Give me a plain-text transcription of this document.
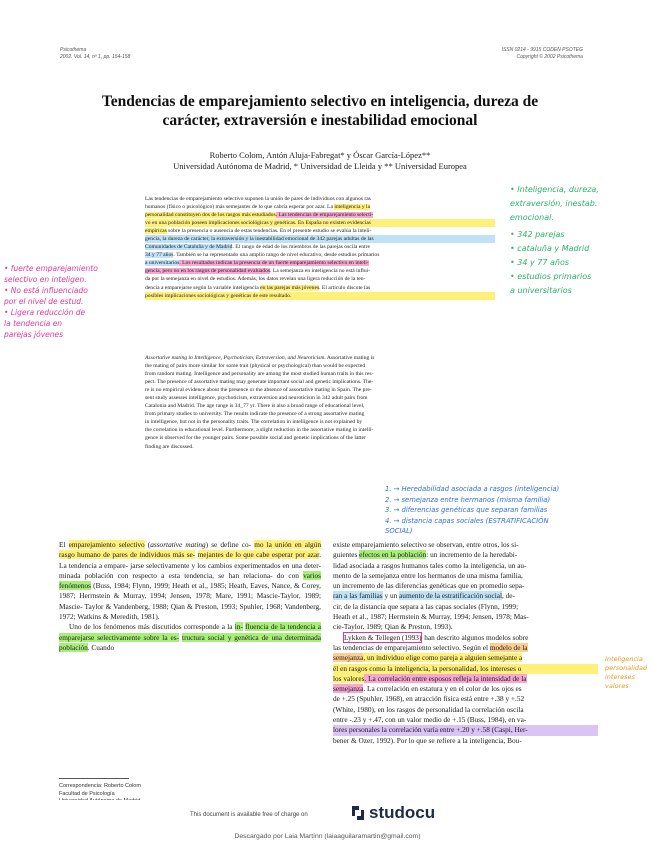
Psicothema
2002. Vol. 14, nº 1, pp. 154-158
ISSN 0214 - 9915 CODEN PSOTEG
Copyright © 2002 Psicothema
Tendencias de emparejamiento selectivo en inteligencia, dureza de
carácter, extraversión e inestabilidad emocional
Roberto Colom, Antón Aluja-Fabregat* y Óscar García-López**
Universidad Autónoma de Madrid, * Universidad de Lleida y ** Universidad Europea
Las tendencias de emparejamiento selectivo suponen la unión de pares de individuos con algunos ras
humanos (físico o psicológico) más semejantes de lo que cabría esperar por azar. La inteligencia y la
personalidad constituyen dos de los rasgos más estudiados. Las tendencias de emparejamiento selecti-
vo en una población poseen implicaciones sociológicas y genéticas. En España no existen evidencias
empíricas sobre la presencia o ausencia de estas tendencias. En el presente estudio se evalúa la inteli-
gencia, la dureza de carácter, la extraversión y la inestabilidad emocional de 342 parejas adultas de las
Comunidades de Cataluña y de Madrid. El rango de edad de los miembros de las parejas oscila entre
34 y 77 años. También se ha representado una amplio rango de nivel educativo, desde estudios primarios
a universitarios. Los resultados indican la presencia de un fuerte emparejamiento selectivo en inteli-
gencia, pero no en los rasgos de personalidad evaluados. La semejanza en inteligencia no está influi-
da por la semejanza en nivel de estudios. Además, los datos revelan una ligera reducción de la ten-
dencia a emparejarse según la variable inteligencia en las parejas más jóvenes. El artículo discute las
posibles implicaciones sociológicas y genéticas de este resultado.
Assortative mating in Intelligence, Psychoticism, Extraversion, and Neuroticism. Assortative mating is
the mating of pairs more similar for some trait (physical or psychological) than would be expected
from random mating. Intelligence and personality are among the most studied human traits in this res-
pect. The presence of assortative mating may generate important social and genetic implications. The-
re is no empirical evidence about the presence or the absence of assortative mating in Spain. The pre-
sent study assesses intelligence, psychoticism, extraversion and neuroticism in 342 adult pairs from
Catalonia and Madrid. The age range is 34_77 yr. There is also a broad range of educational level,
from primary studies to university. The results indicate the presence of a strong assortative mating
in intelligence, but not in the personality traits. The correlation in intelligence is not explained by
the correlation in educational level. Furthermore, a slight reduction in the assortative mating in intelli-
gence is observed for the younger pairs. Some possible social and genetic implications of the latter
finding are discussed.
• fuerte emparejamiento
selectivo en inteligen.
• No está influenciado
por el nivel de estud.
• Ligera reducción de
la tendencia en
parejas jóvenes
• Inteligencia, dureza,
extraversión, inestab.
emocional.
• 342 parejas
• cataluña y Madrid
• 34 y 77 años
• estudios primarios
a universitarios
1. → Heredabilidad asociada a rasgos (inteligencia)
2. → semejanza entre hermanos (misma familia)
3. → diferencias genéticas que separan familias
4. → distancia capas sociales (ESTRATIFICACIÓN
SOCIAL)
Inteligencia
personalidad
intereses
valores

El emparejamiento selectivo (assortative mating) se define co- mo la unión en algún rasgo humano de pares de individuos más se- mejantes de lo que cabe esperar por azar. La tendencia a empare- jarse selectivamente y los cambios experimentados en una deter- minada población con respecto a esta tendencia, se han relaciona- do con varios fenómenos (Buss, 1984; Flynn, 1999; Heath et al., 1985; Heath, Eaves, Nance, & Corey, 1987; Herrnstein & Murray, 1994; Jensen, 1978; Mare, 1991; Mascie-Taylor, 1989; Mascie- Taylor & Vandenberg, 1988; Qian & Preston, 1993; Spuhler, 1968; Vandenberg, 1972; Watkins & Meredith, 1981).

Uno de los fenómenos más discutidos corresponde a la in- fluencia de la tendencia a emparejarse selectivamente sobre la es- tructura social y genética de una determinada población. Cuando

existe emparejamiento selectivo se observan, entre otros, los si-
guientes efectos en la población: un incremento de la heredabi-
lidad asociada a rasgos humanos tales como la inteligencia, un au-
mento de la semejanza entre los hermanos de una misma familia,
un incremento de las diferencias genéticas que en promedio sepa-
ran a las familias y un aumento de la estratificación social, de-
cir, de la distancia que separa a las capas sociales (Flynn, 1999;
Heath et al., 1987; Herrnstein & Murray, 1994; Jensen, 1978; Mas-
cie-Taylor, 1989; Qian & Preston, 1993).
Lykken & Tellegen (1993) han descrito algunos modelos sobre
las tendencias de emparejamiento selectivo. Según el modelo de la
semejanza, un individuo elige como pareja a alguien semejante a
él en rasgos como la inteligencia, la personalidad, los intereses o
los valores. La correlación entre esposos refleja la intensidad de la
semejanza. La correlación en estatura y en el color de los ojos es
de +.25 (Spuhler, 1968), en atracción física está entre +.38 y +.52
(White, 1980), en los rasgos de personalidad la correlación oscila
entre -.23 y +.47, con un valor medio de +.15 (Buss, 1984), en va-
lores personales la correlación varía entre +.20 y +.58 (Caspi, Her-
bener & Ozer, 1992). Por lo que se refiere a la inteligencia, Bou-
Correspondencia: Roberto Colom
Facultad de Psicología
This document is available free of charge on	studocu
Descargado por Laia Martínn (laiaaguilaramartin@gmail.com)
